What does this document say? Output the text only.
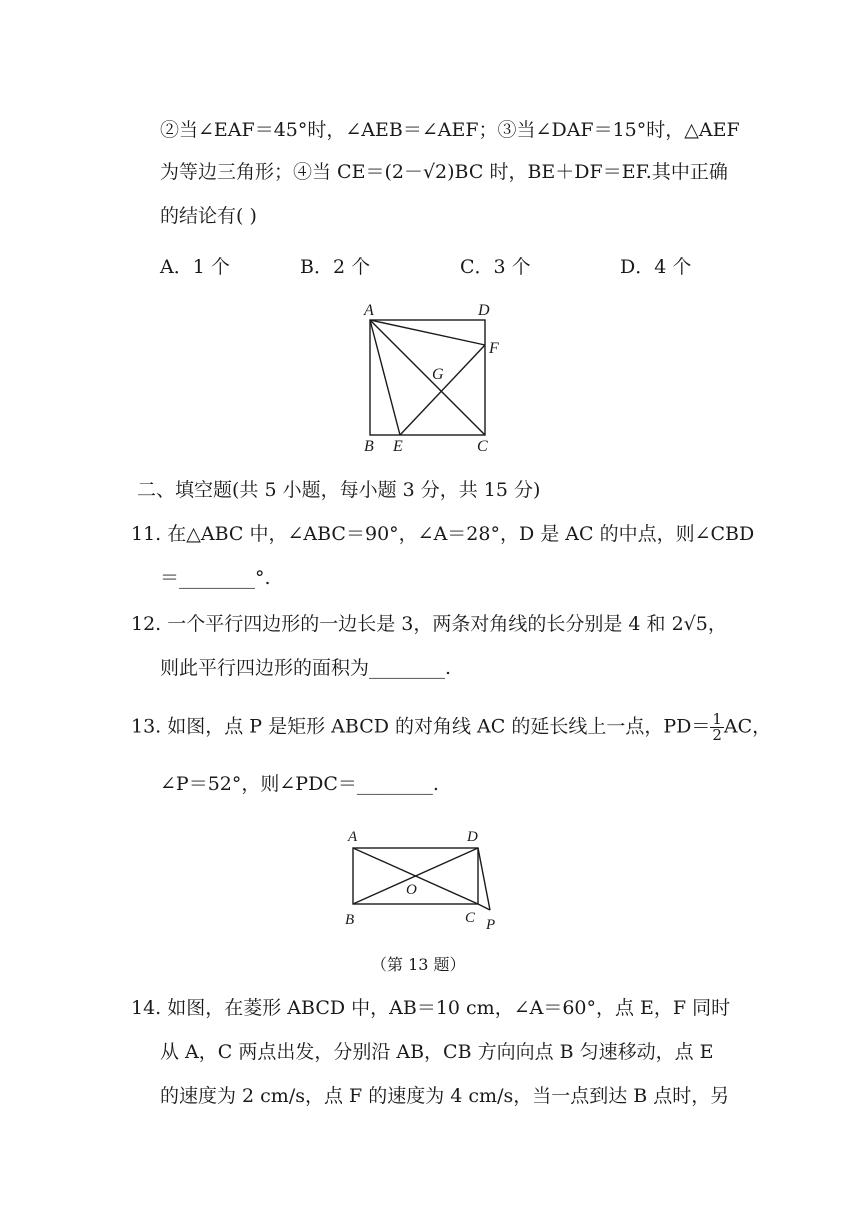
②当∠EAF＝45°时，∠AEB＝∠AEF；③当∠DAF＝15°时，△AEF
为等边三角形；④当 CE＝(2－√2)BC 时，BE＋DF＝EF.其中正确
的结论有( )
A．1 个	B．2 个	C．3 个	D．4 个
A	D
F
G
B E	C
二、填空题(共 5 小题，每小题 3 分，共 15 分)
11. 在△ABC 中，∠ABC＝90°，∠A＝28°，D 是 AC 的中点，则∠CBD
＝________°.
12. 一个平行四边形的一边长是 3，两条对角线的长分别是 4 和 2√5，
则此平行四边形的面积为________.
13. 如图，点 P 是矩形 ABCD 的对角线 AC 的延长线上一点，$PD= \frac{1}{2}$ AC，
∠P＝52°，则∠PDC＝________.
A	D
O
B	C P
（第 13 题）
14. 如图，在菱形 ABCD 中，AB＝10 cm，∠A＝60°，点 E，F 同时
从 A，C 两点出发，分别沿 AB，CB 方向向点 B 匀速移动，点 E
的速度为 2 cm/s，点 F 的速度为 4 cm/s，当一点到达 B 点时，另
